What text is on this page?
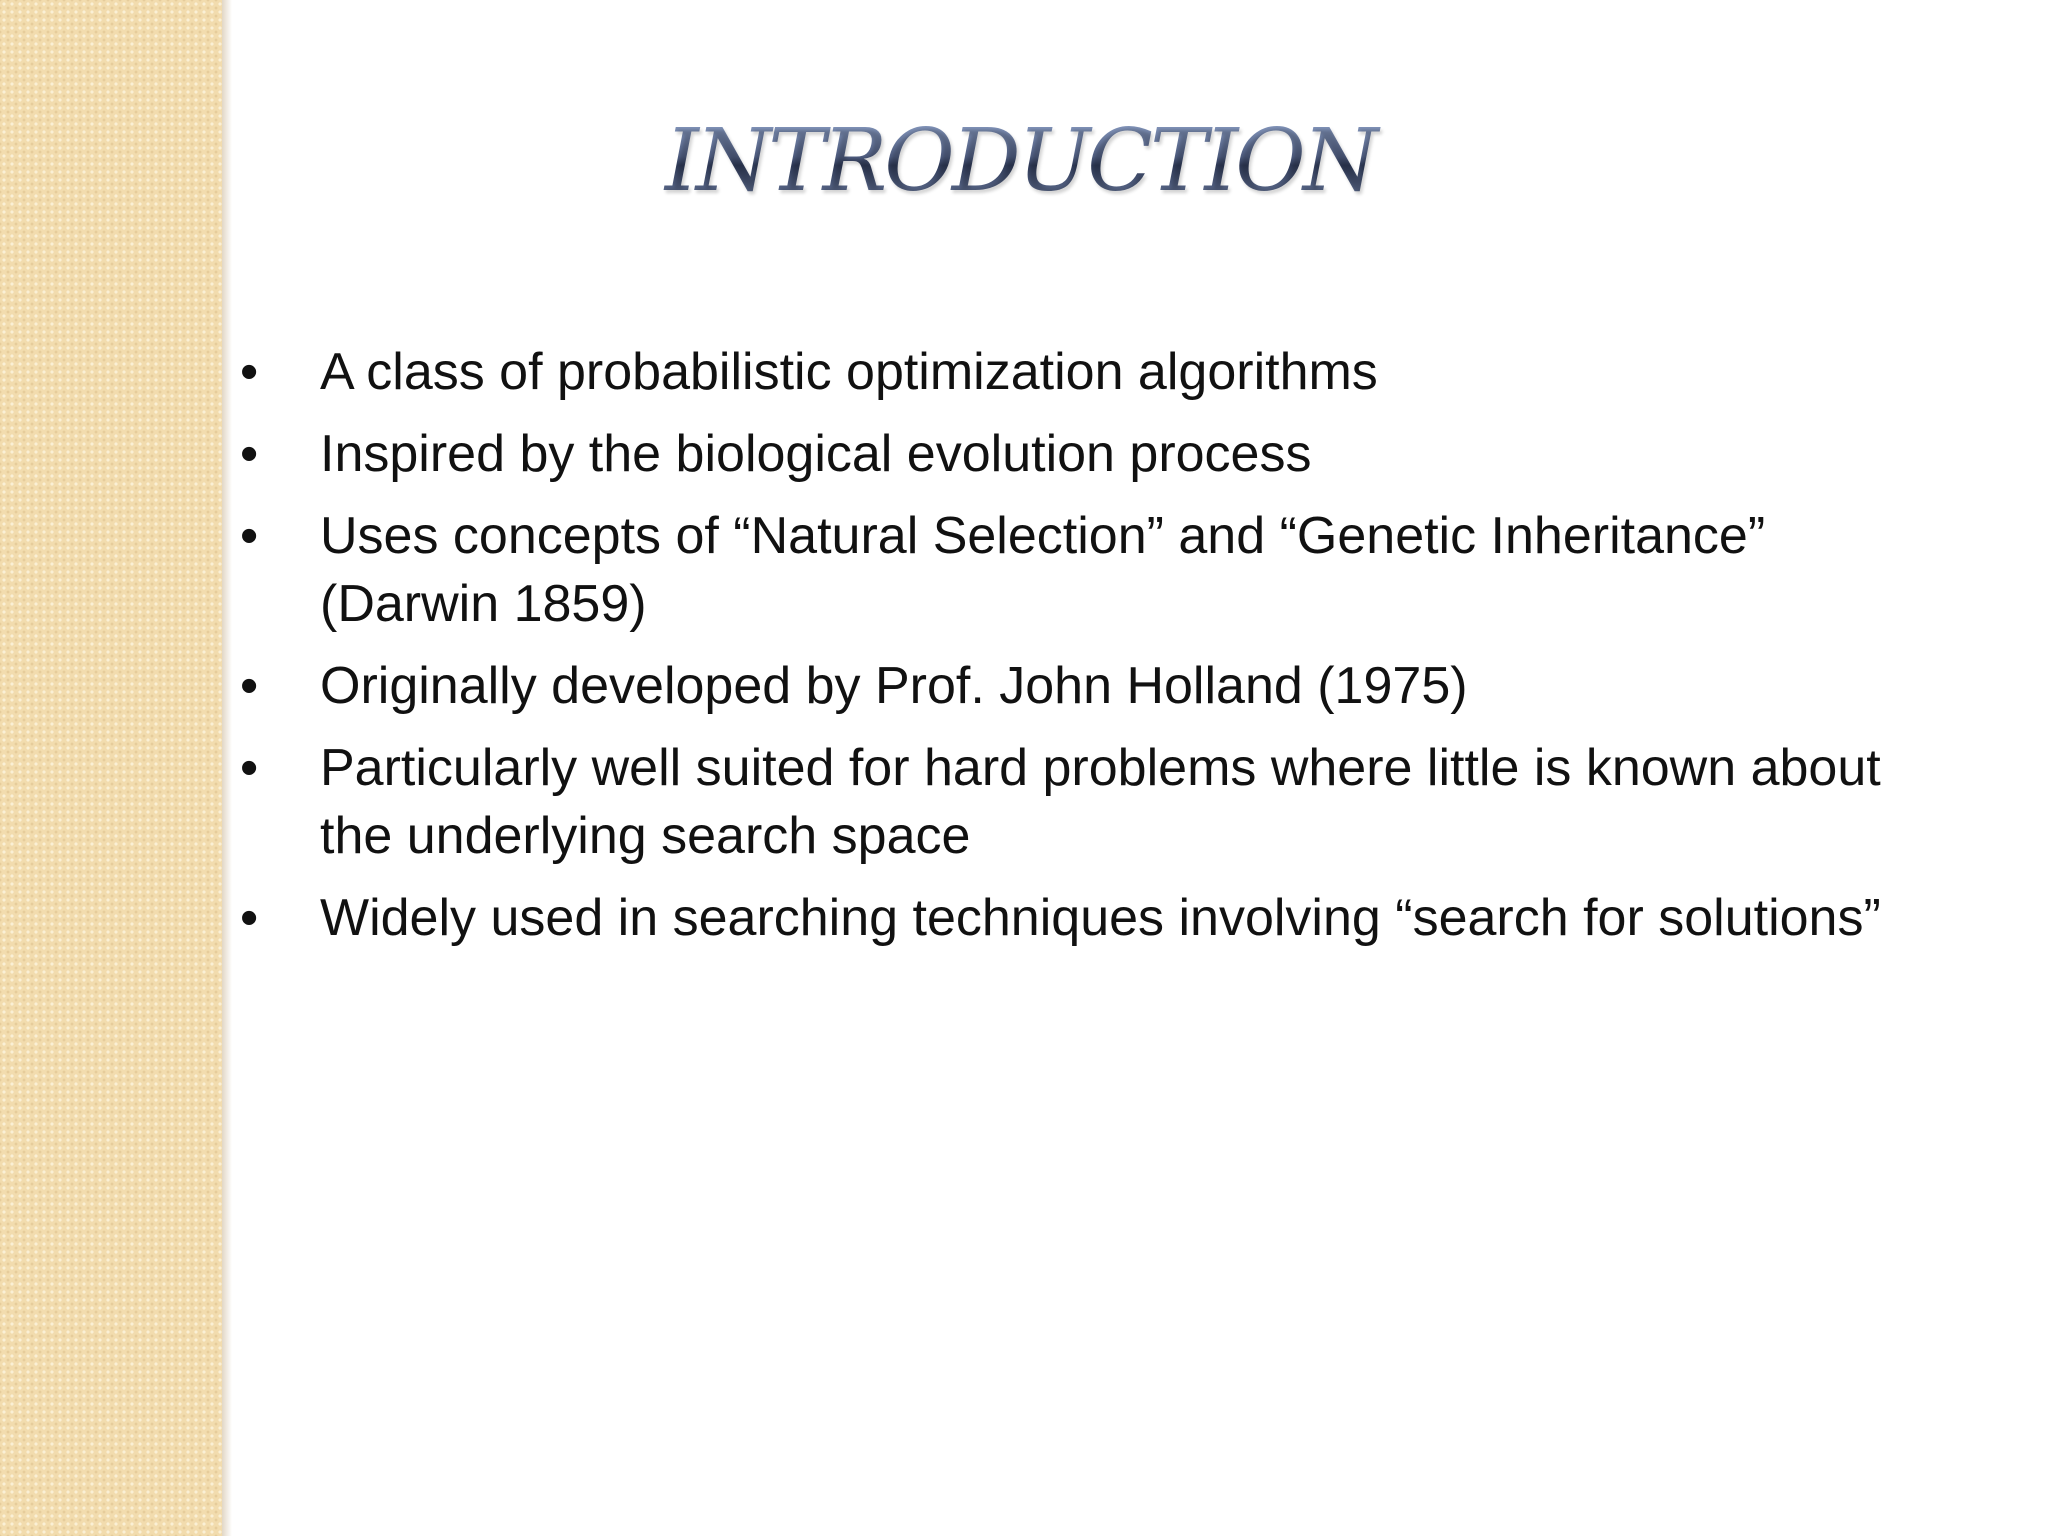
INTRODUCTION
•	A class of probabilistic optimization algorithms
•	Inspired by the biological evolution process
•	Uses concepts of “Natural Selection” and “Genetic Inheritance” (Darwin 1859)
•	Originally developed by Prof. John Holland (1975)
•	Particularly well suited for hard problems where little is known about the underlying search space
•	Widely used in searching techniques involving “search for solutions”
